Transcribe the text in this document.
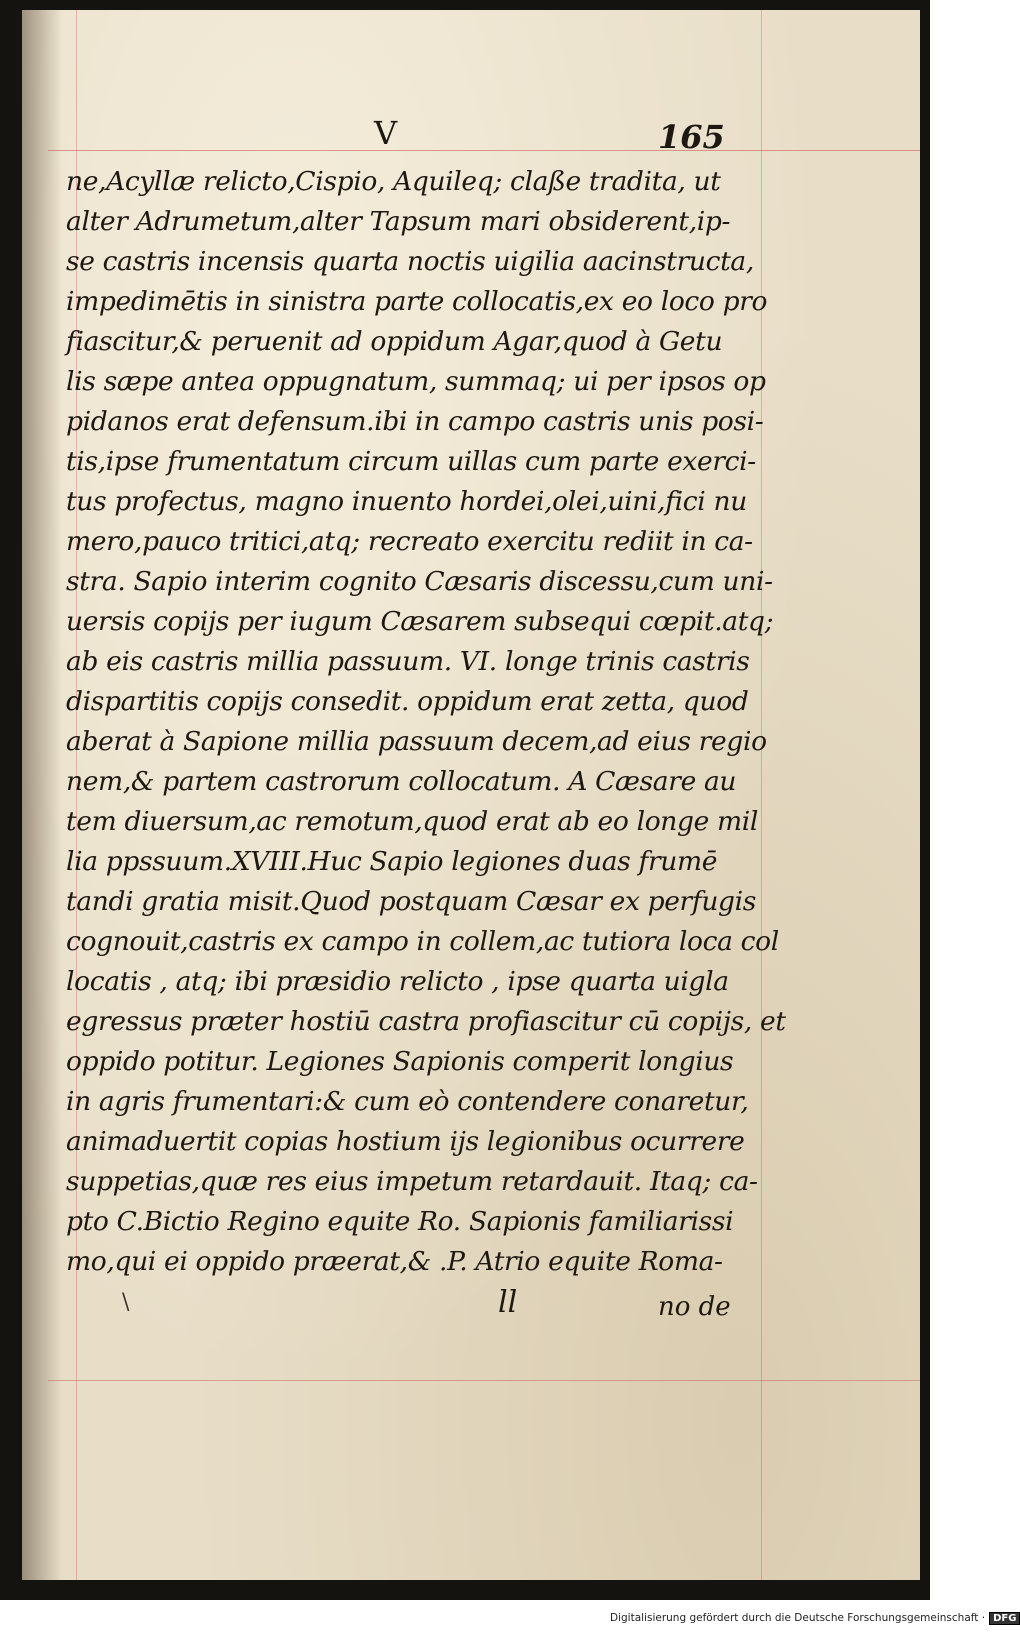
V	165
ne,Acyllæ relicto,Cispio, Aquileq; claße tradita, ut
alter Adrumetum,alter Tapsum mari obsiderent,ip-
se castris incensis quarta noctis uigilia aacinstructa,
impedimētis in sinistra parte collocatis,ex eo loco pro
fiascitur,& peruenit ad oppidum Agar,quod à Getu
lis sæpe antea oppugnatum, summaq; ui per ipsos op
pidanos erat defensum.ibi in campo castris unis posi-
tis,ipse frumentatum circum uillas cum parte exerci-
tus profectus, magno inuento hordei,olei,uini,fici nu
mero,pauco tritici,atq; recreato exercitu rediit in ca-
stra. Sapio interim cognito Cæsaris discessu,cum uni-
uersis copijs per iugum Cæsarem subsequi cœpit.atq;
ab eis castris millia passuum. VI. longe trinis castris
dispartitis copijs consedit. oppidum erat zetta, quod
aberat à Sapione millia passuum decem,ad eius regio
nem,& partem castrorum collocatum. A Cæsare au
tem diuersum,ac remotum,quod erat ab eo longe mil
lia ppssuum.XVIII.Huc Sapio legiones duas frumē
tandi gratia misit.Quod postquam Cæsar ex perfugis
cognouit,castris ex campo in collem,ac tutiora loca col
locatis , atq; ibi præsidio relicto , ipse quarta uigla
egressus præter hostiū castra profiascitur cū copijs, et
oppido potitur. Legiones Sapionis comperit longius
in agris frumentari:& cum eò contendere conaretur,
animaduertit copias hostium ijs legionibus ocurrere
suppetias,quæ res eius impetum retardauit. Itaq; ca-
pto C.Bictio Regino equite Ro. Sapionis familiarissi
mo,qui ei oppido præerat,& .P. Atrio equite Roma-
\	ll	no de
Digitalisierung gefördert durch die Deutsche Forschungsgemeinschaft · DFG
